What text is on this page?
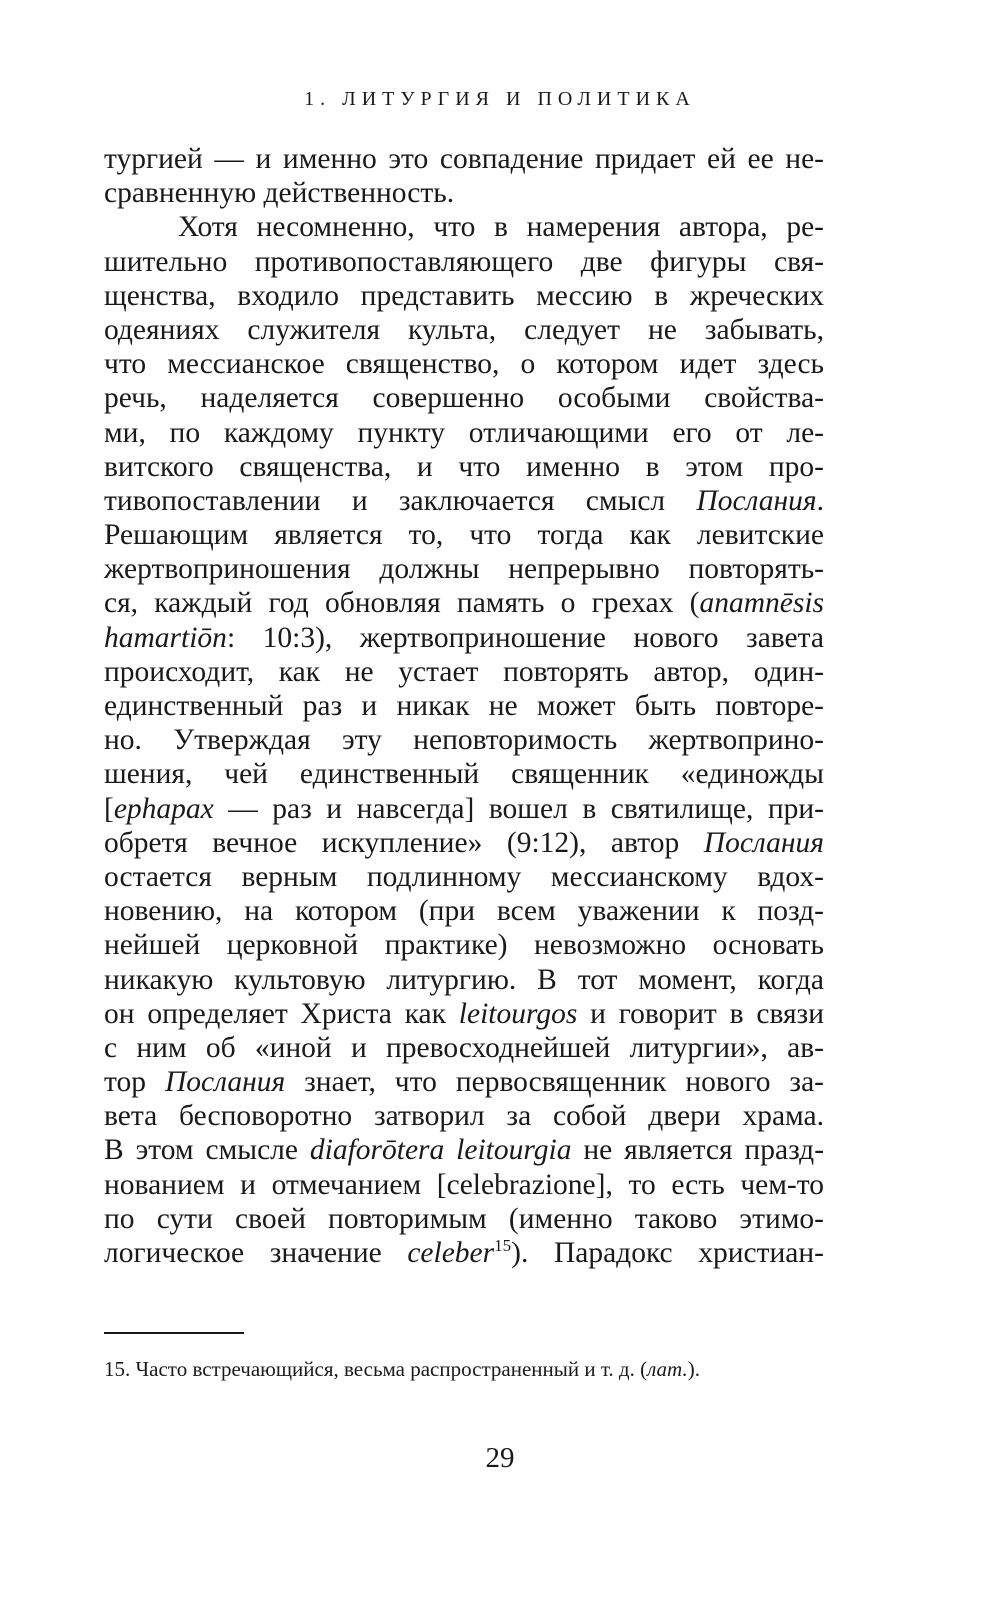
1. ЛИТУРГИЯ И ПОЛИТИКА
тургией — и именно это совпадение придает ей ее не-
сравненную действенность.
Хотя несомненно, что в намерения автора, ре-
шительно противопоставляющего две фигуры свя-
щенства, входило представить мессию в жреческих
одеяниях служителя культа, следует не забывать,
что мессианское священство, о котором идет здесь
речь, наделяется совершенно особыми свойства-
ми, по каждому пункту отличающими его от ле-
витского священства, и что именно в этом про-
тивопоставлении и заключается смысл Послания.
Решающим является то, что тогда как левитские
жертвоприношения должны непрерывно повторять-
ся, каждый год обновляя память о грехах (anamnēsis
hamartiōn: 10:3), жертвоприношение нового завета
происходит, как не устает повторять автор, один-
единственный раз и никак не может быть повторе-
но. Утверждая эту неповторимость жертвоприно-
шения, чей единственный священник «единожды
[ephapax — раз и навсегда] вошел в святилище, при-
обретя вечное искупление» (9:12), автор Послания
остается верным подлинному мессианскому вдох-
новению, на котором (при всем уважении к позд-
нейшей церковной практике) невозможно основать
никакую культовую литургию. В тот момент, когда
он определяет Христа как leitourgos и говорит в связи
с ним об «иной и превосходнейшей литургии», ав-
тор Послания знает, что первосвященник нового за-
вета бесповоротно затворил за собой двери храма.
В этом смысле diaforōtera leitourgia не является празд-
нованием и отмечанием [celebrazione], то есть чем-то
по сути своей повторимым (именно таково этимо-
логическое значение celeber$^{15}$). Парадокс христиан-
15. Часто встречающийся, весьма распространенный и т. д. (лат.).
29
